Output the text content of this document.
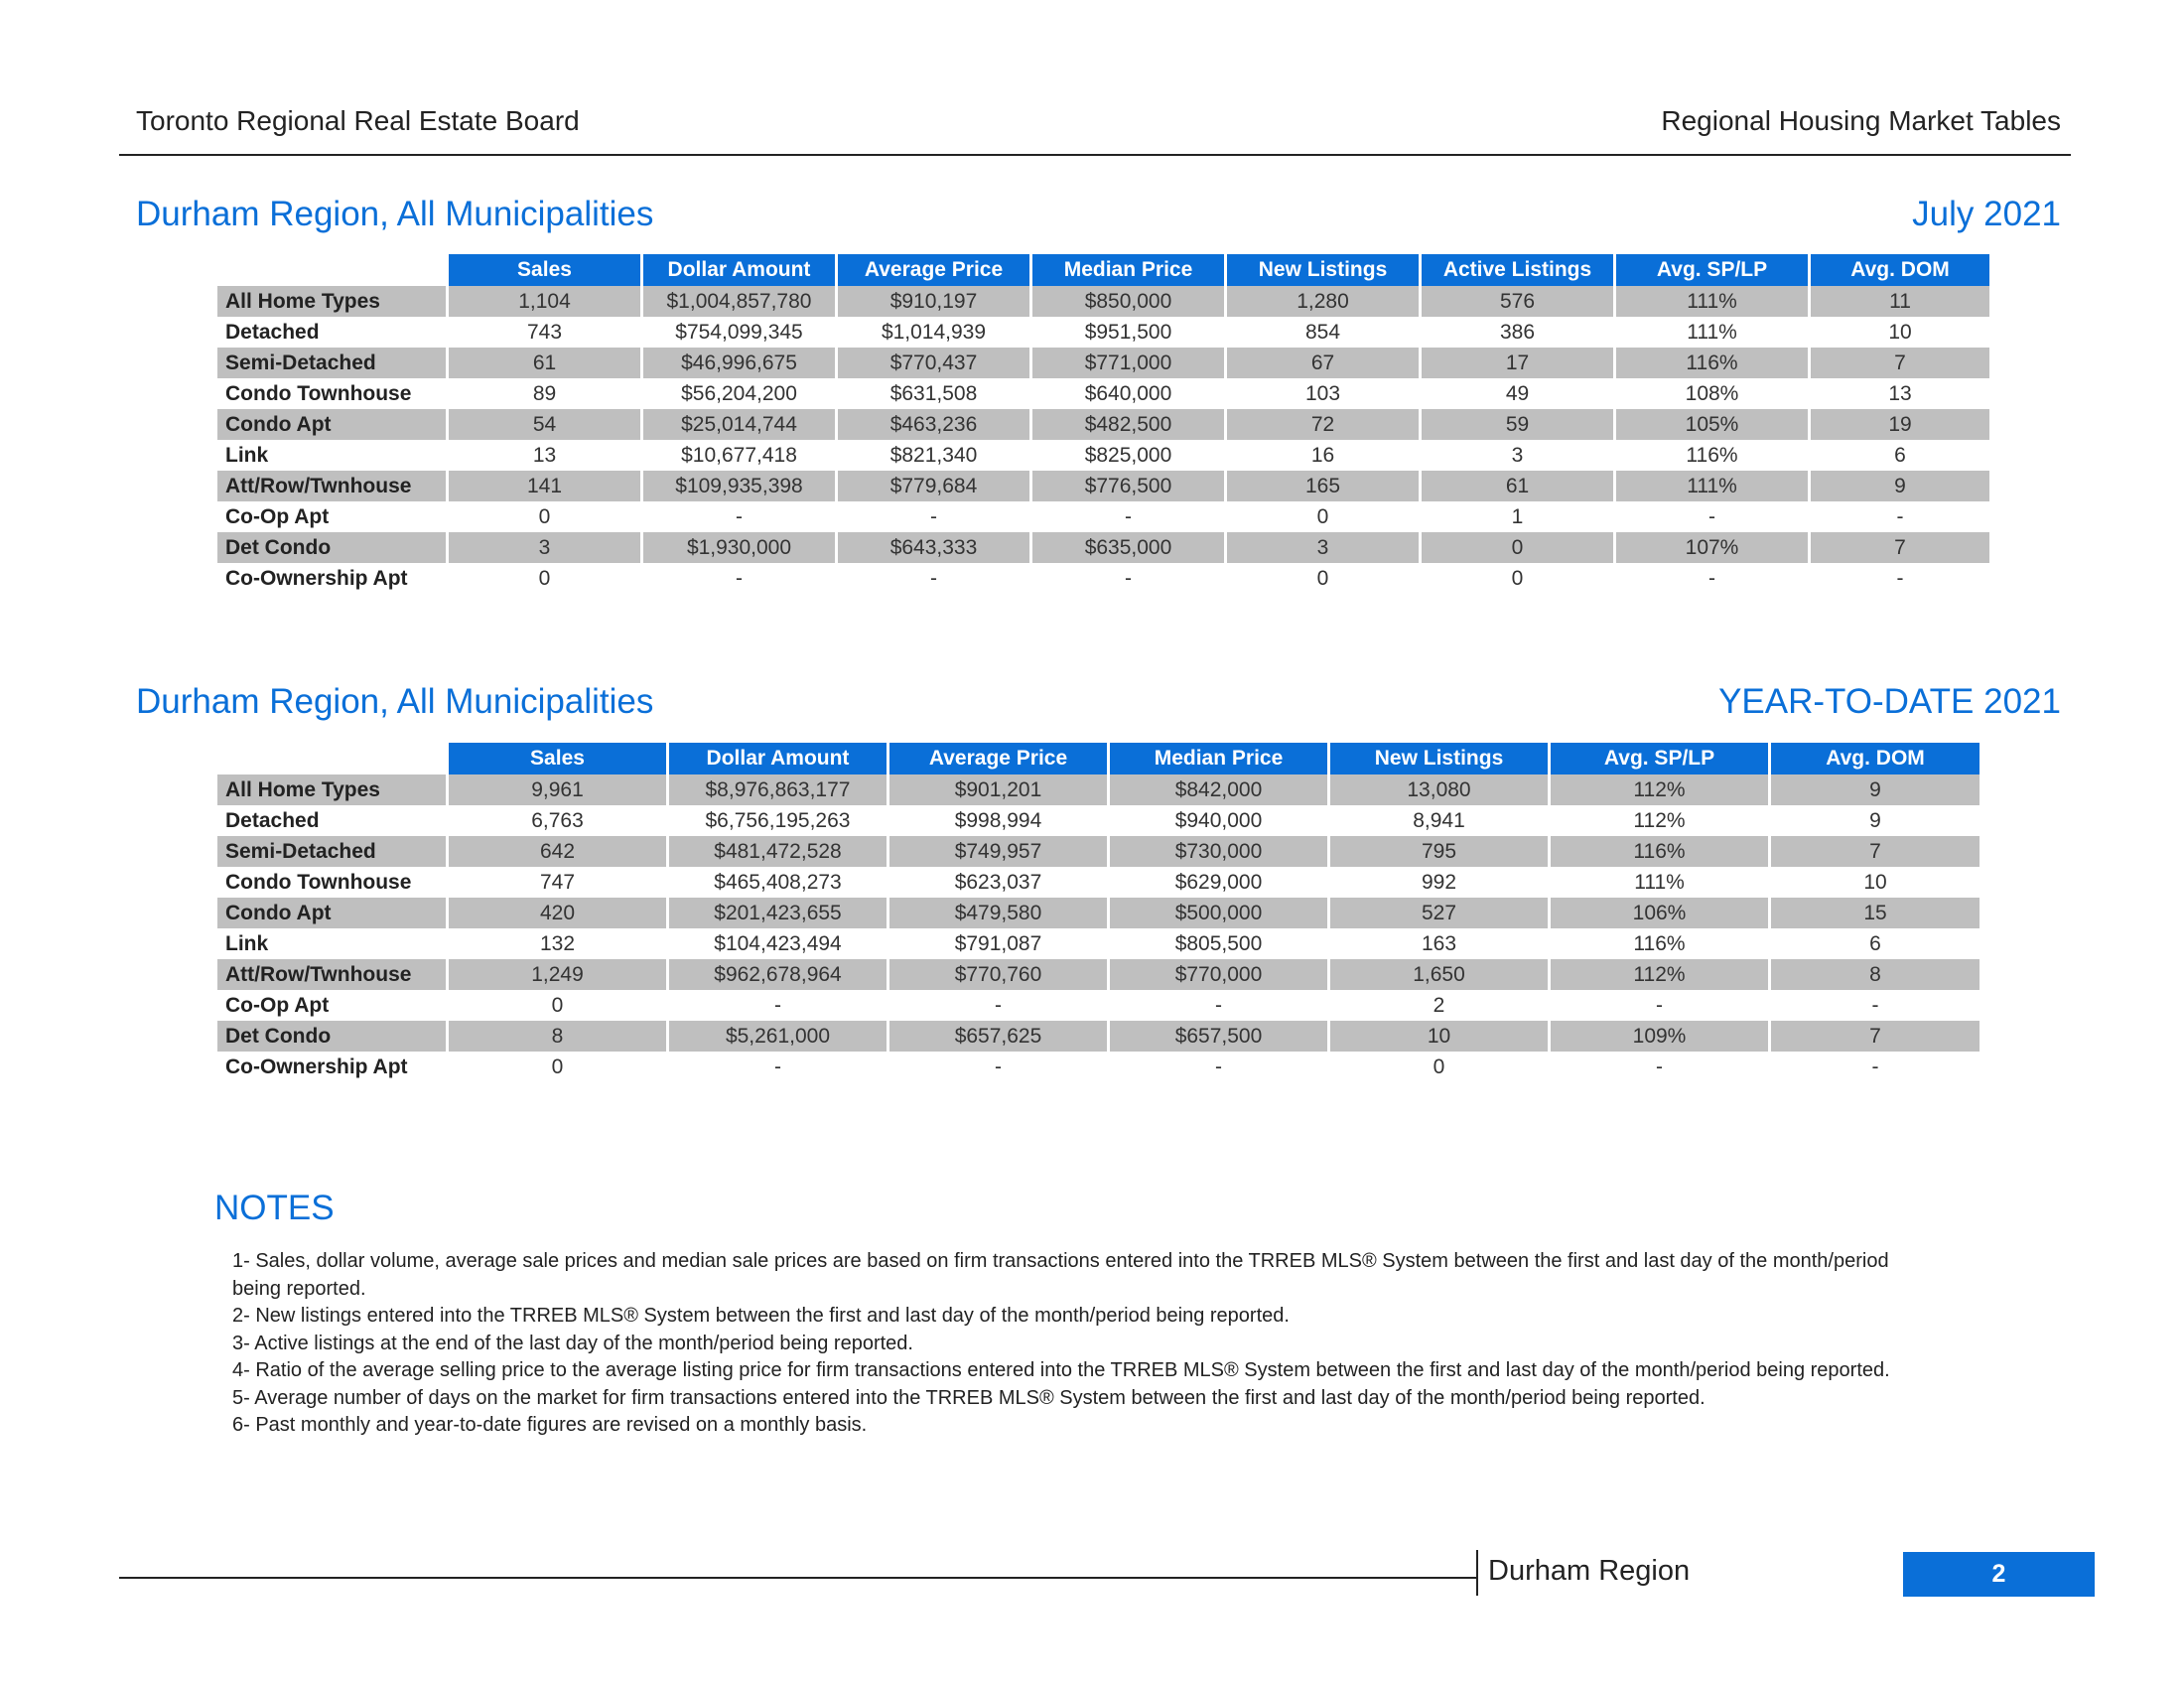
Toronto Regional Real Estate Board	Regional Housing Market Tables
Durham Region, All Municipalities	July 2021
	Sales	Dollar Amount	Average Price	Median Price	New Listings	Active Listings	Avg. SP/LP	Avg. DOM
All Home Types	1,104	$1,004,857,780	$910,197	$850,000	1,280	576	111%	11
Detached	743	$754,099,345	$1,014,939	$951,500	854	386	111%	10
Semi-Detached	61	$46,996,675	$770,437	$771,000	67	17	116%	7
Condo Townhouse	89	$56,204,200	$631,508	$640,000	103	49	108%	13
Condo Apt	54	$25,014,744	$463,236	$482,500	72	59	105%	19
Link	13	$10,677,418	$821,340	$825,000	16	3	116%	6
Att/Row/Twnhouse	141	$109,935,398	$779,684	$776,500	165	61	111%	9
Co-Op Apt	0	-	-	-	0	1	-	-
Det Condo	3	$1,930,000	$643,333	$635,000	3	0	107%	7
Co-Ownership Apt	0	-	-	-	0	0	-	-
Durham Region, All Municipalities	YEAR-TO-DATE 2021
	Sales	Dollar Amount	Average Price	Median Price	New Listings	Avg. SP/LP	Avg. DOM
All Home Types	9,961	$8,976,863,177	$901,201	$842,000	13,080	112%	9
Detached	6,763	$6,756,195,263	$998,994	$940,000	8,941	112%	9
Semi-Detached	642	$481,472,528	$749,957	$730,000	795	116%	7
Condo Townhouse	747	$465,408,273	$623,037	$629,000	992	111%	10
Condo Apt	420	$201,423,655	$479,580	$500,000	527	106%	15
Link	132	$104,423,494	$791,087	$805,500	163	116%	6
Att/Row/Twnhouse	1,249	$962,678,964	$770,760	$770,000	1,650	112%	8
Co-Op Apt	0	-	-	-	2	-	-
Det Condo	8	$5,261,000	$657,625	$657,500	10	109%	7
Co-Ownership Apt	0	-	-	-	0	-	-
NOTES
1- Sales, dollar volume, average sale prices and median sale prices are based on firm transactions entered into the TRREB MLS® System between the first and last day of the month/period being reported.
2- New listings entered into the TRREB MLS® System between the first and last day of the month/period being reported.
3- Active listings at the end of the last day of the month/period being reported.
4- Ratio of the average selling price to the average listing price for firm transactions entered into the TRREB MLS® System between the first and last day of the month/period being reported.
5- Average number of days on the market for firm transactions entered into the TRREB MLS® System between the first and last day of the month/period being reported.
6- Past monthly and year-to-date figures are revised on a monthly basis.
Durham Region	2
